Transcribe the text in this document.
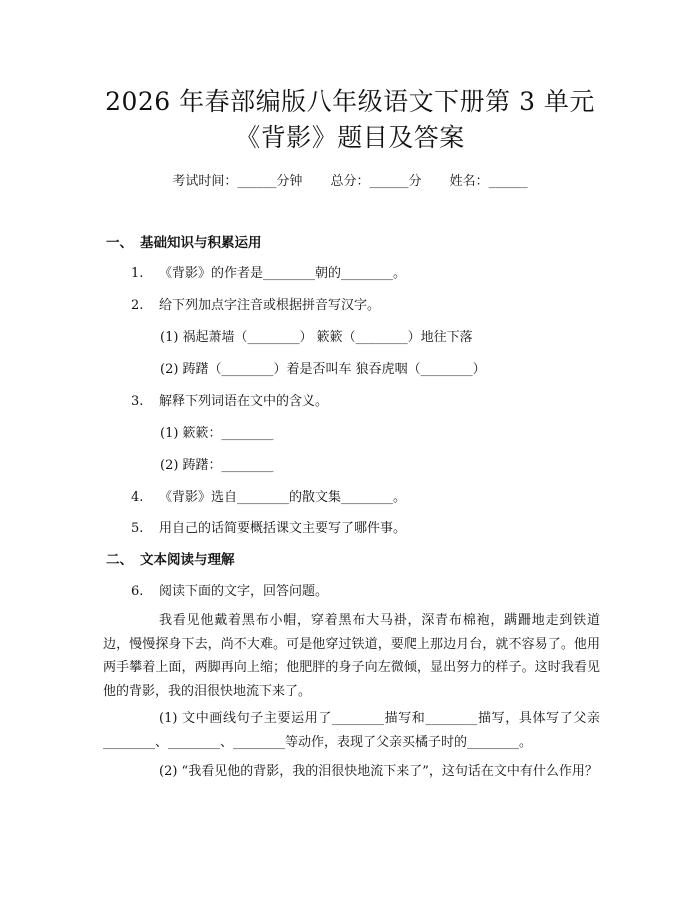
2026 年春部编版八年级语文下册第 3 单元
《背影》题目及答案
考试时间：______分钟 总分：______分 姓名：______
一、 基础知识与积累运用
1. 《背影》的作者是________朝的________。
2. 给下列加点字注音或根据拼音写汉字。
(1) 祸起萧墙（________） 簌簌（________）地往下落
(2) 踌躇（________）着是否叫车 狼吞虎咽（________）
3. 解释下列词语在文中的含义。
(1) 簌簌：________
(2) 踌躇：________
4. 《背影》选自________的散文集________。
5. 用自己的话简要概括课文主要写了哪件事。
二、 文本阅读与理解
6. 阅读下面的文字，回答问题。
我看见他戴着黑布小帽，穿着黑布大马褂，深青布棉袍，蹒跚地走到铁道边，慢慢探身下去，尚不大难。可是他穿过铁道，要爬上那边月台，就不容易了。他用两手攀着上面，两脚再向上缩；他肥胖的身子向左微倾，显出努力的样子。这时我看见他的背影，我的泪很快地流下来了。
(1) 文中画线句子主要运用了________描写和________描写，具体写了父亲________、________、________等动作，表现了父亲买橘子时的________。
(2) “我看见他的背影，我的泪很快地流下来了”，这句话在文中有什么作用？
